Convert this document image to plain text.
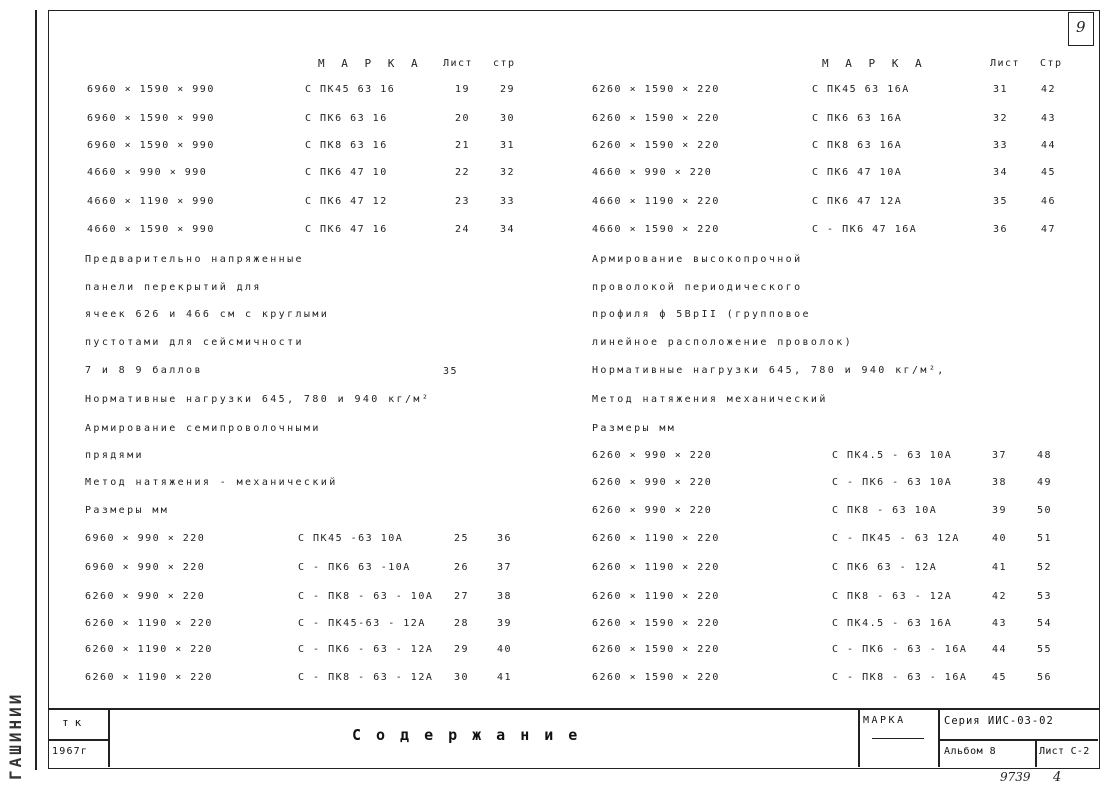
ГАШИНИИ
9
М А Р К А Лист стр	М А Р К А	Лист Стр
6960 × 1590 × 990	С ПК45 63 16	19	29
6960 × 1590 × 990	С ПК6 63 16	20	30
6960 × 1590 × 990	С ПК8 63 16	21	31
4660 × 990 × 990	С ПК6 47 10	22	32
4660 × 1190 × 990	С ПК6 47 12	23	33
4660 × 1590 × 990	С ПК6 47 16	24	34
Предварительно напряженные
панели перекрытий для
ячеек 626 и 466 см с круглыми
пустотами для сейсмичности
7 и 8 9 баллов	35
Нормативные нагрузки 645, 780 и 940 кг/м²
Армирование семипроволочными
прядями
Метод натяжения - механический
Размеры мм
6960 × 990 × 220	С ПК45 -63 10А	25	36
6960 × 990 × 220	С - ПК6 63 -10А	26	37
6260 × 990 × 220	С - ПК8 - 63 - 10А 27	38
6260 × 1190 × 220	С - ПК45-63 - 12А	28	39
6260 × 1190 × 220	С - ПК6 - 63 - 12А 29	40
6260 × 1190 × 220	С - ПК8 - 63 - 12А 30	41
6260 × 1590 × 220	С ПК45 63 16А	31	42
6260 × 1590 × 220	С ПК6 63 16А	32	43
6260 × 1590 × 220	С ПК8 63 16А	33	44
4660 × 990 × 220	С ПК6 47 10А	34	45
4660 × 1190 × 220	С ПК6 47 12А	35	46
4660 × 1590 × 220	С - ПК6 47 16А	36	47
Армирование высокопрочной
проволокой периодического
профиля ф 5ВрII (групповое
линейное расположение проволок)
Нормативные нагрузки 645, 780 и 940 кг/м²,
Метод натяжения механический
Размеры мм
6260 × 990 × 220	С ПК4.5 - 63 10А	37	48
6260 × 990 × 220	С - ПК6 - 63 10А	38	49
6260 × 990 × 220	С ПК8 - 63 10А	39	50
6260 × 1190 × 220	С - ПК45 - 63 12А	40	51
6260 × 1190 × 220	С ПК6 63 - 12А	41	52
6260 × 1190 × 220	С ПК8 - 63 - 12А	42	53
6260 × 1590 × 220	С ПК4.5 - 63 16А	43	54
6260 × 1590 × 220	С - ПК6 - 63 - 16А 44	55
6260 × 1590 × 220	С - ПК8 - 63 - 16А 45	56
тк
1967г
Содержание
МАРКА	Серия ИИС-03-02
Альбом 8	Лист С-2
9739 4
